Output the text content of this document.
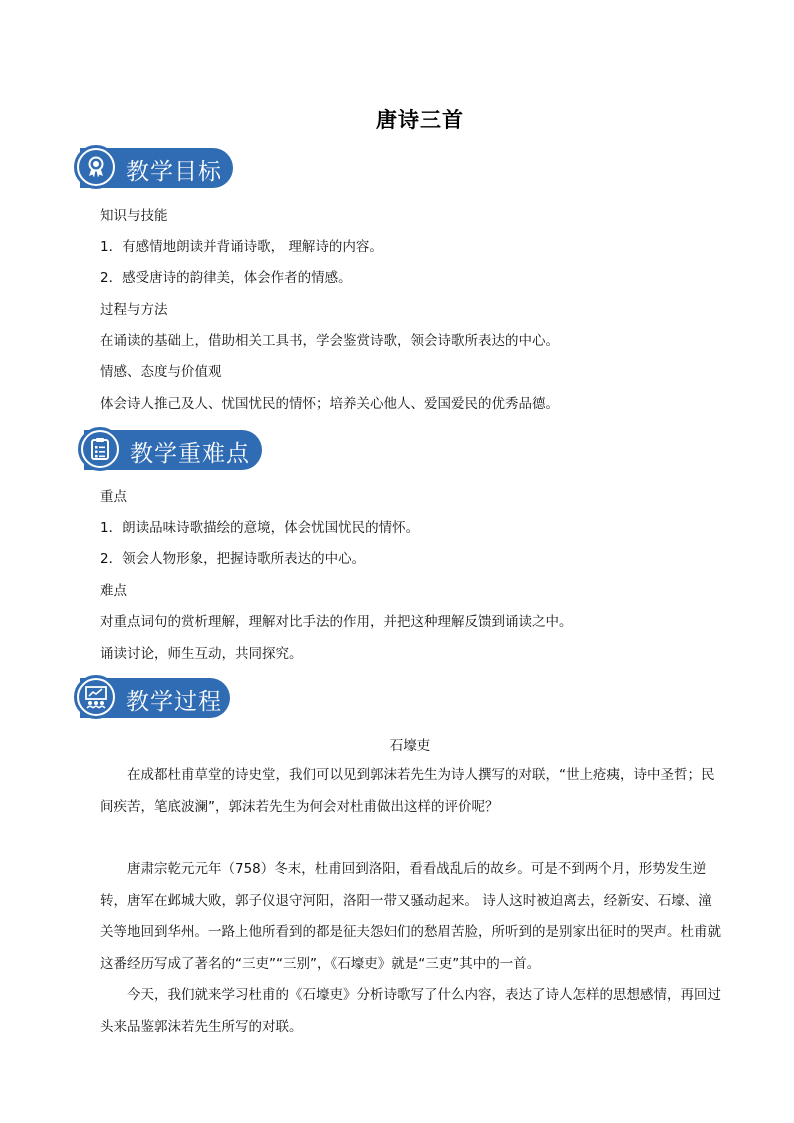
唐诗三首
教学目标
知识与技能
1．有感情地朗读并背诵诗歌， 理解诗的内容。
2．感受唐诗的韵律美，体会作者的情感。
过程与方法
在诵读的基础上，借助相关工具书，学会鉴赏诗歌，领会诗歌所表达的中心。
情感、态度与价值观
体会诗人推己及人、忧国忧民的情怀；培养关心他人、爱国爱民的优秀品德。
教学重难点
重点
1．朗读品味诗歌描绘的意境，体会忧国忧民的情怀。
2．领会人物形象，把握诗歌所表达的中心。
难点
对重点词句的赏析理解，理解对比手法的作用，并把这种理解反馈到诵读之中。
诵读讨论，师生互动，共同探究。
教学过程
石壕吏
在成都杜甫草堂的诗史堂，我们可以见到郭沫若先生为诗人撰写的对联，“世上疮痍，诗中圣哲；民间疾苦，笔底波澜”，郭沫若先生为何会对杜甫做出这样的评价呢？
唐肃宗乾元元年（758）冬末，杜甫回到洛阳，看看战乱后的故乡。可是不到两个月，形势发生逆转，唐军在邺城大败，郭子仪退守河阳，洛阳一带又骚动起来。 诗人这时被迫离去，经新安、石壕、潼关等地回到华州。一路上他所看到的都是征夫怨妇们的愁眉苦脸，所听到的是别家出征时的哭声。杜甫就这番经历写成了著名的“三吏”“三别”，《石壕吏》就是“三吏”其中的一首。
今天，我们就来学习杜甫的《石壕吏》分析诗歌写了什么内容，表达了诗人怎样的思想感情，再回过头来品鉴郭沫若先生所写的对联。
